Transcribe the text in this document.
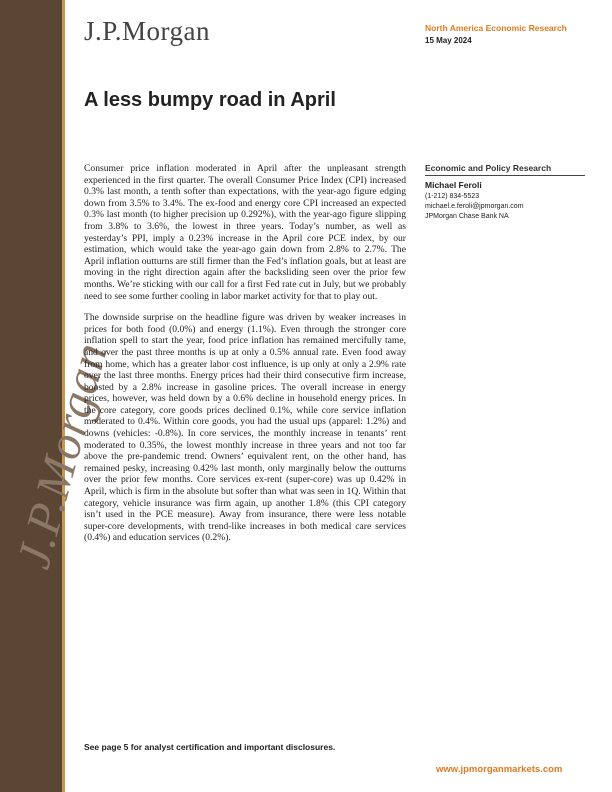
J.P.Morgan
J.P.Morgan	North America Economic Research
15 May 2024
A less bumpy road in April

Consumer price inflation moderated in April after the unpleasant strength experienced in the first quarter. The overall Consumer Price Index (CPI) increased 0.3% last month, a tenth softer than expectations, with the year-ago figure edging down from 3.5% to 3.4%. The ex-food and energy core CPI increased an expected 0.3% last month (to higher precision up 0.292%), with the year-ago figure slipping from 3.8% to 3.6%, the lowest in three years. Today’s number, as well as yesterday’s PPI, imply a 0.23% increase in the April core PCE index, by our estimation, which would take the year-ago gain down from 2.8% to 2.7%. The April inflation outturns are still firmer than the Fed’s inflation goals, but at least are moving in the right direction again after the backsliding seen over the prior few months. We’re sticking with our call for a first Fed rate cut in July, but we probably need to see some further cooling in labor market activity for that to play out.

The downside surprise on the headline figure was driven by weaker increases in prices for both food (0.0%) and energy (1.1%). Even through the stronger core inflation spell to start the year, food price inflation has remained mercifully tame, and over the past three months is up at only a 0.5% annual rate. Even food away from home, which has a greater labor cost influence, is up only at only a 2.9% rate over the last three months. Energy prices had their third consecutive firm increase, boosted by a 2.8% increase in gasoline prices. The overall increase in energy prices, however, was held down by a 0.6% decline in household energy prices. In the core category, core goods prices declined 0.1%, while core service inflation moderated to 0.4%. Within core goods, you had the usual ups (apparel: 1.2%) and downs (vehicles: -0.8%). In core services, the monthly increase in tenants’ rent moderated to 0.35%, the lowest monthly increase in three years and not too far above the pre-pandemic trend. Owners’ equivalent rent, on the other hand, has remained pesky, increasing 0.42% last month, only marginally below the outturns over the prior few months. Core services ex-rent (super-core) was up 0.42% in April, which is firm in the absolute but softer than what was seen in 1Q. Within that category, vehicle insurance was firm again, up another 1.8% (this CPI category isn’t used in the PCE measure). Away from insurance, there were less notable super-core developments, with trend-like increases in both medical care services (0.4%) and education services (0.2%).

Economic and Policy Research
Michael Feroli
(1-212) 834-5523
michael.e.feroli@jpmorgan.com
JPMorgan Chase Bank NA
See page 5 for analyst certification and important disclosures.
www.jpmorganmarkets.com
